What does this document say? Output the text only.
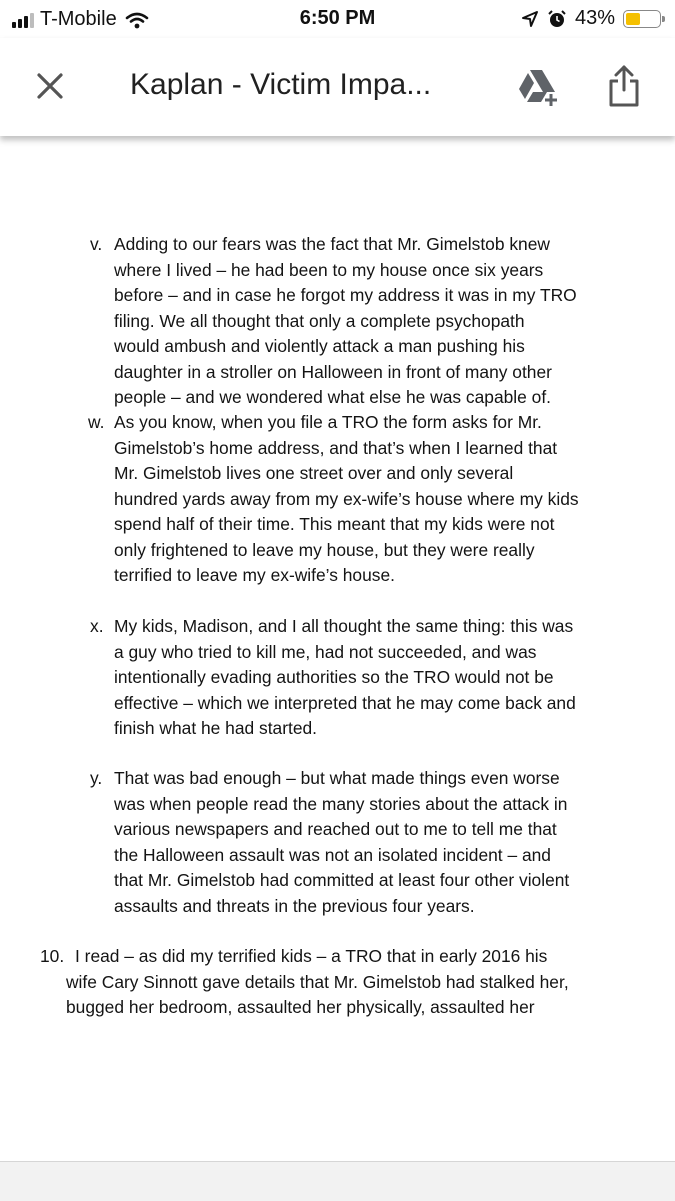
T-Mobile	6:50 PM	43%
Kaplan - Victim Impa...
v. Adding to our fears was the fact that Mr. Gimelstob knew
where I lived – he had been to my house once six years
before – and in case he forgot my address it was in my TRO
filing. We all thought that only a complete psychopath
would ambush and violently attack a man pushing his
daughter in a stroller on Halloween in front of many other
people – and we wondered what else he was capable of.
w. As you know, when you file a TRO the form asks for Mr.
Gimelstob’s home address, and that’s when I learned that
Mr. Gimelstob lives one street over and only several
hundred yards away from my ex-wife’s house where my kids
spend half of their time. This meant that my kids were not
only frightened to leave my house, but they were really
terrified to leave my ex-wife’s house.
x. My kids, Madison, and I all thought the same thing: this was
a guy who tried to kill me, had not succeeded, and was
intentionally evading authorities so the TRO would not be
effective – which we interpreted that he may come back and
finish what he had started.
y. That was bad enough – but what made things even worse
was when people read the many stories about the attack in
various newspapers and reached out to me to tell me that
the Halloween assault was not an isolated incident – and
that Mr. Gimelstob had committed at least four other violent
assaults and threats in the previous four years.
10. I read – as did my terrified kids – a TRO that in early 2016 his
wife Cary Sinnott gave details that Mr. Gimelstob had stalked her,
bugged her bedroom, assaulted her physically, assaulted her
